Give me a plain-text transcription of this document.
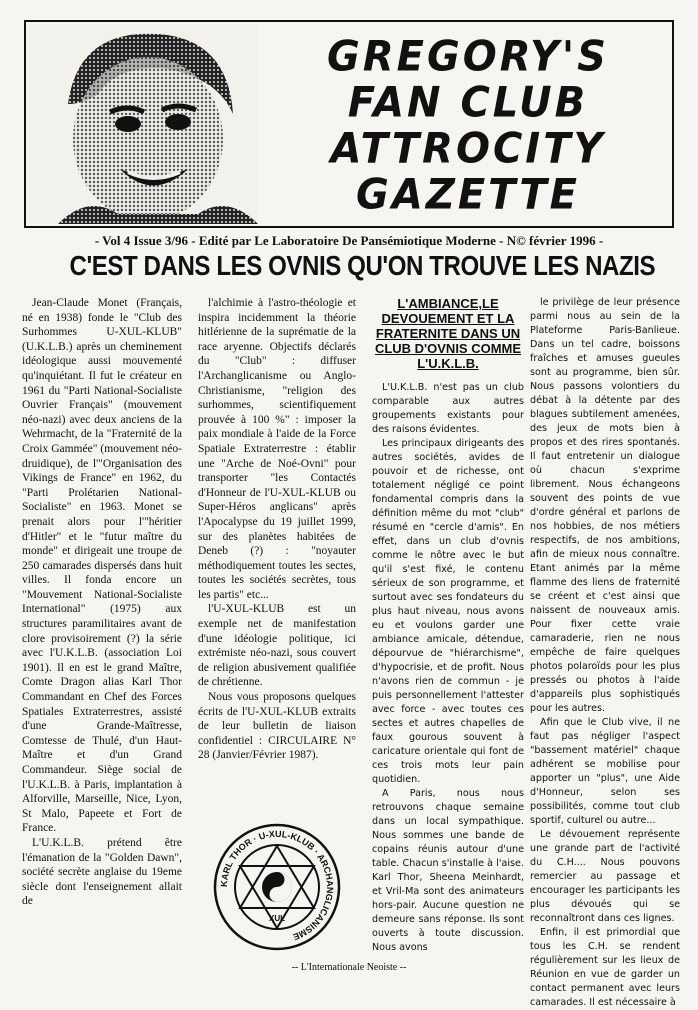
GREGORY'S
FAN CLUB
ATTROCITY
GAZETTE
- Vol 4 Issue 3/96 - Edité par Le Laboratoire De Pansémiotique Moderne - N© février 1996 -
C'EST DANS LES OVNIS QU'ON TROUVE LES NAZIS

Jean-Claude Monet (Français, né en 1938) fonde le "Club des Surhommes U-XUL-KLUB" (U.K.L.B.) après un cheminement idéologique aussi mouvementé qu'inquiétant. Il fut le créateur en 1961 du "Parti National-Socialiste Ouvrier Français" (mouvement néo-nazi) avec deux anciens de la Wehrmacht, de la "Fraternité de la Croix Gammée" (mouvement néo-druidique), de l'"Organisation des Vikings de France" en 1962, du "Parti Prolétarien National-Socialiste" en 1963. Monet se prenait alors pour l'"héritier d'Hitler" et le "futur maître du monde" et dirigeait une troupe de 250 camarades dispersés dans huit villes. Il fonda encore un "Mouvement National-Socialiste International" (1975) aux structures paramilitaires avant de clore provisoirement (?) la série avec l'U.K.L.B. (association Loi 1901). Il en est le grand Maître, Comte Dragon alias Karl Thor Commandant en Chef des Forces Spatiales Extraterrestres, assisté d'une Grande-Maîtresse, Comtesse de Thulé, d'un Haut-Maître et d'un Grand Commandeur. Siège social de l'U.K.L.B. à Paris, implantation à Alforville, Marseille, Nice, Lyon, St Malo, Papeete et Fort de France.

L'U.K.L.B. prétend être l'émanation de la "Golden Dawn", société secrète anglaise du 19eme siècle dont l'enseignement allait de

l'alchimie à l'astro-théologie et inspira incidemment la théorie hitlérienne de la suprématie de la race aryenne. Objectifs déclarés du "Club" : diffuser l'Archanglicanisme ou Anglo-Christianisme, "religion des surhommes, scientifiquement prouvée à 100 %" : imposer la paix mondiale à l'aide de la Force Spatiale Extraterrestre : établir une "Arche de Noé-Ovni" pour transporter "les Contactés d'Honneur de l'U-XUL-KLUB ou Super-Héros anglicans" après l'Apocalypse du 19 juillet 1999, sur des planètes habitées de Deneb (?) : "noyauter méthodiquement toutes les sectes, toutes les sociétés secrètes, tous les partis" etc...

l'U-XUL-KLUB est un exemple net de manifestation d'une idéologie politique, ici extrémiste néo-nazi, sous couvert de religion abusivement qualifiée de chrétienne.

Nous vous proposons quelques écrits de l'U-XUL-KLUB extraits de leur bulletin de liaison confidentiel : CIRCULAIRE N° 28 (Janvier/Février 1987).

KARL THOR · U-XUL-KLUB · ARCHANGLICANISME
XUL
L'AMBIANCE,LE DEVOUEMENT ET LA FRATERNITE DANS UN CLUB D'OVNIS COMME L'U.K.L.B.

L'U.K.L.B. n'est pas un club comparable aux autres groupements existants pour des raisons évidentes.

Les principaux dirigeants des autres sociétés, avides de pouvoir et de richesse, ont totalement négligé ce point fondamental compris dans la définition même du mot "club" résumé en "cercle d'amis". En effet, dans un club d'ovnis comme le nôtre avec le but qu'il s'est fixé, le contenu sérieux de son programme, et surtout avec ses fondateurs du plus haut niveau, nous avons eu et voulons garder une ambiance amicale, détendue, dépourvue de "hiérarchisme", d'hypocrisie, et de profit. Nous n'avons rien de commun - je puis personnellement l'attester avec force - avec toutes ces sectes et autres chapelles de faux gourous souvent à caricature orientale qui font de ces trois mots leur pain quotidien.

A Paris, nous nous retrouvons chaque semaine dans un local sympathique. Nous sommes une bande de copains réunis autour d'une table. Chacun s'installe à l'aise. Karl Thor, Sheena Meinhardt, et Vril-Ma sont des animateurs hors-pair. Aucune question ne demeure sans réponse. Ils sont ouverts à toute discussion. Nous avons

le privilège de leur présence parmi nous au sein de la Plateforme Paris-Banlieue. Dans un tel cadre, boissons fraîches et amuses gueules sont au programme, bien sûr. Nous passons volontiers du débat à la détente par des blagues subtilement amenées, des jeux de mots bien à propos et des rires spontanés. Il faut entretenir un dialogue où chacun s'exprime librement. Nous échangeons souvent des points de vue d'ordre général et parlons de nos hobbies, de nos métiers respectifs, de nos ambitions, afin de mieux nous connaître. Etant animés par la même flamme des liens de fraternité se créent et c'est ainsi que naissent de nouveaux amis. Pour fixer cette vraie camaraderie, rien ne nous empêche de faire quelques photos polaroïds pour les plus pressés ou photos à l'aide d'appareils plus sophistiqués pour les autres.

Afin que le Club vive, il ne faut pas négliger l'aspect "bassement matériel" chaque adhérent se mobilise pour apporter un "plus", une Aide d'Honneur, selon ses possibilités, comme tout club sportif, culturel ou autre...

Le dévouement représente une grande part de l'activité du C.H.... Nous pouvons remercier au passage et encourager les participants les plus dévoués qui se reconnaîtront dans ces lignes.

Enfin, il est primordial que tous les C.H. se rendent régulièrement sur les lieux de Réunion en vue de garder un contact permanent avec leurs camarades. Il est nécessaire à

-- L'Internationale Neoiste --
